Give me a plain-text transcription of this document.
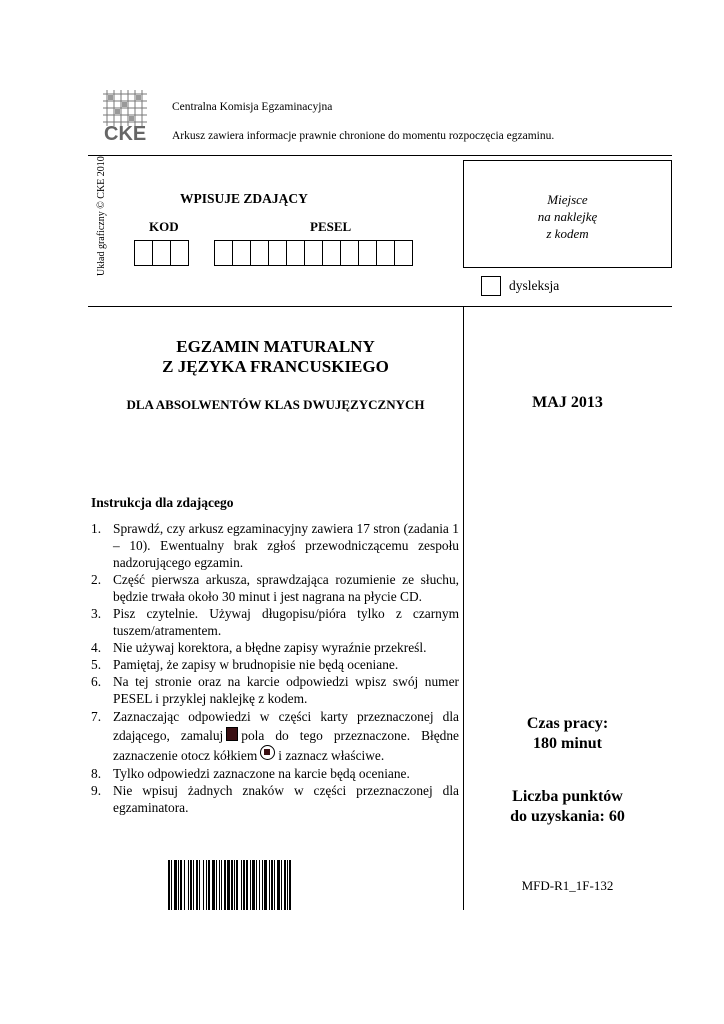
CKE
Centralna Komisja Egzaminacyjna
Arkusz zawiera informacje prawnie chronione do momentu rozpoczęcia egzaminu.
Układ graficzny © CKE 2010	WPISUJE ZDAJĄCY
KOD	PESEL
Miejsce
na naklejkę
z kodem
dysleksja
EGZAMIN MATURALNY
Z JĘZYKA FRANCUSKIEGO
DLA ABSOLWENTÓW KLAS DWUJĘZYCZNYCH	MAJ 2013
Instrukcja dla zdającego
1. Sprawdź, czy arkusz egzaminacyjny zawiera 17 stron (zadania 1 – 10). Ewentualny brak zgłoś przewodniczącemu zespołu nadzorującego egzamin.
2. Część pierwsza arkusza, sprawdzająca rozumienie ze słuchu, będzie trwała około 30 minut i jest nagrana na płycie CD.
3. Pisz czytelnie. Używaj długopisu/pióra tylko z czarnym tuszem/atramentem.
4. Nie używaj korektora, a błędne zapisy wyraźnie przekreśl.
5. Pamiętaj, że zapisy w brudnopisie nie będą oceniane.
6. Na tej stronie oraz na karcie odpowiedzi wpisz swój numer PESEL i przyklej naklejkę z kodem.
7. Zaznaczając odpowiedzi w części karty przeznaczonej dla zdającego, zamaluj pola do tego przeznaczone. Błędne zaznaczenie otocz kółkiem i zaznacz właściwe.
8. Tylko odpowiedzi zaznaczone na karcie będą oceniane.
9. Nie wpisuj żadnych znaków w części przeznaczonej dla egzaminatora.
Czas pracy:
180 minut
Liczba punktów
do uzyskania: 60
MFD-R1_1F-132
